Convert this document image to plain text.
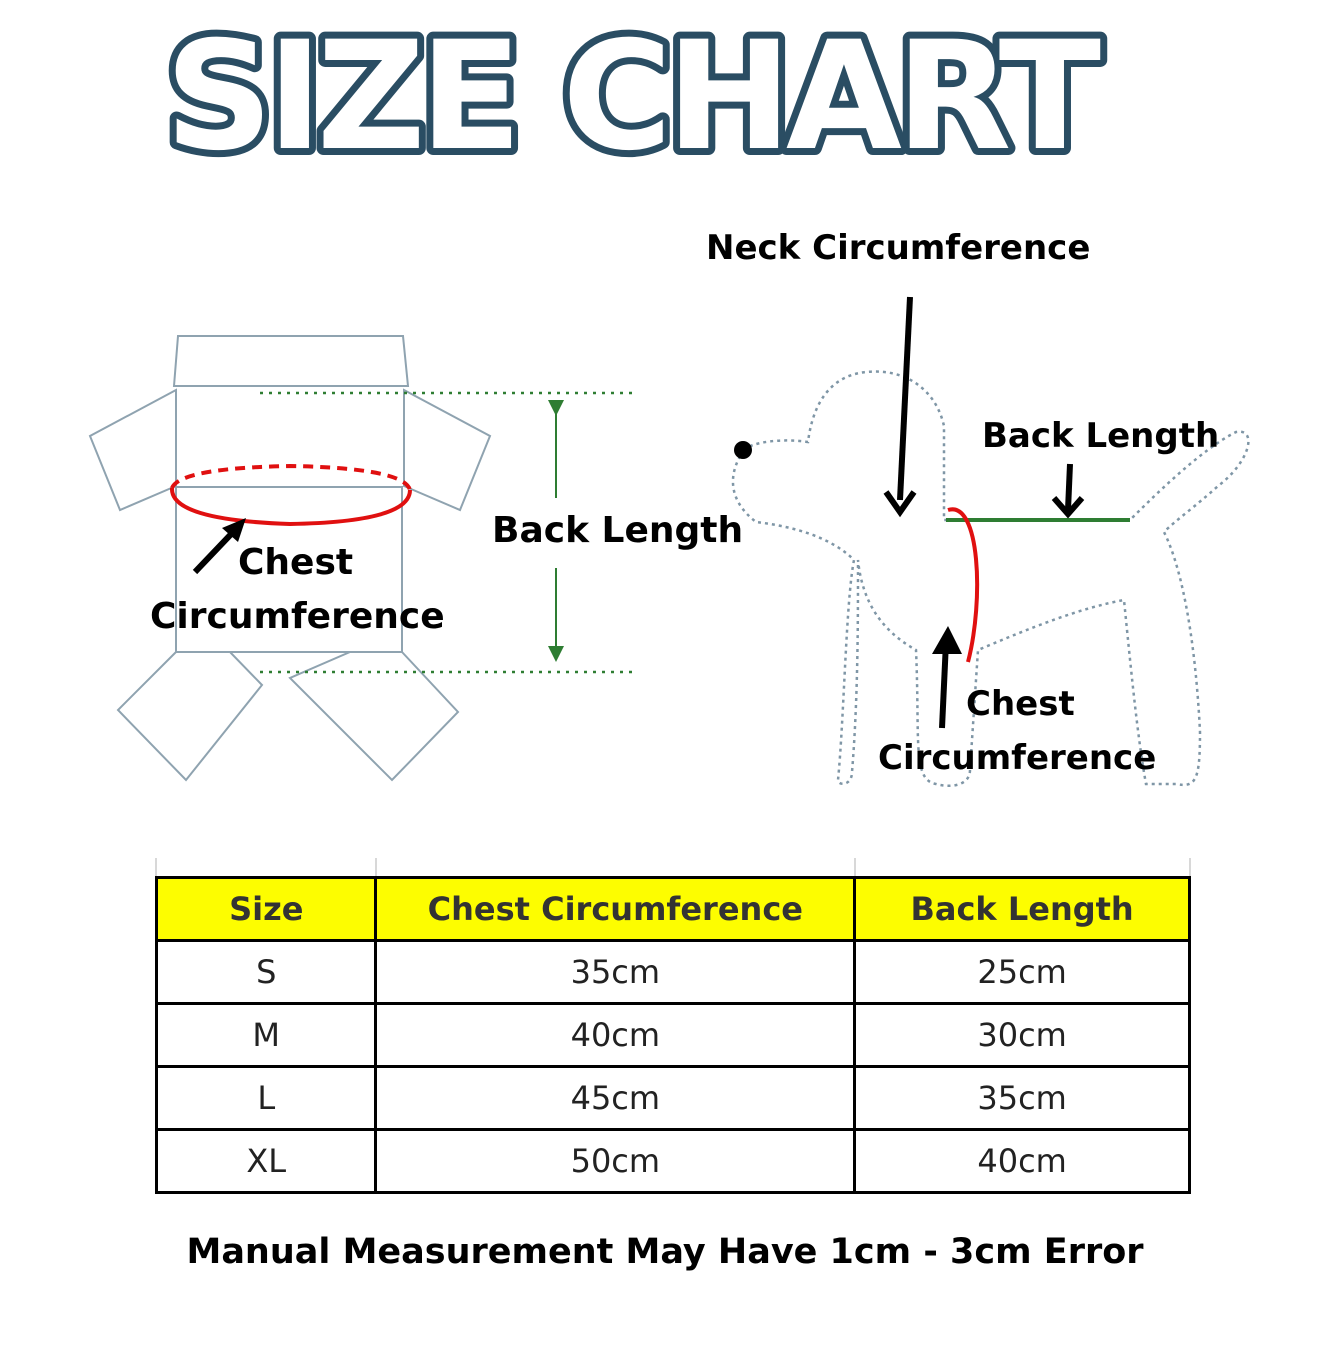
SIZE CHART
Chest
Circumference
Back Length
Neck Circumference
Back Length
Chest
Circumference
Size	Chest Circumference	Back Length
S	35cm	25cm
M	40cm	30cm
L	45cm	35cm
XL	50cm	40cm
Manual Measurement May Have 1cm - 3cm Error
